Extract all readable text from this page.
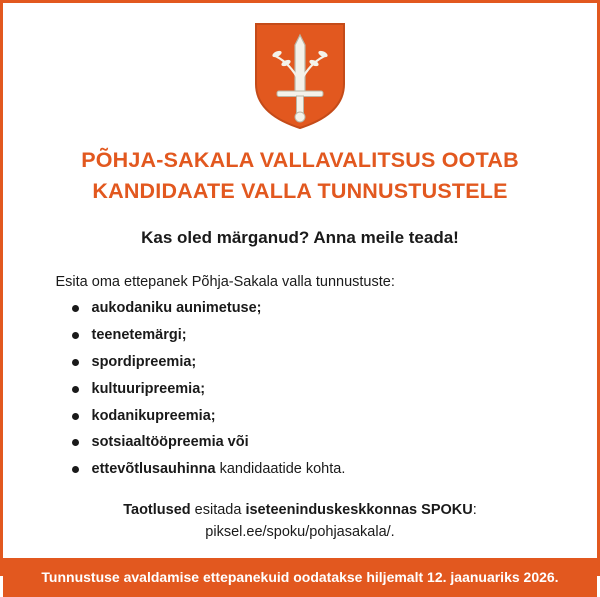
PÕHJA-SAKALA VALLAVALITSUS OOTAB
KANDIDAATE VALLA TUNNUSTUSTELE
Kas oled märganud? Anna meile teada!

Esita oma ettepanek Põhja-Sakala valla tunnustuste:

aukodaniku aunimetuse;
teenetemärgi;
spordipreemia;
kultuuripreemia;
kodanikupreemia;
sotsiaaltööpreemia või
ettevõtlusauhinna kandidaatide kohta.
Taotlused esitada iseteeninduskeskkonnas SPOKU:
piksel.ee/spoku/pohjasakala/.
Tunnustuse avaldamise ettepanekuid oodatakse hiljemalt 12. jaanuariks 2026.
